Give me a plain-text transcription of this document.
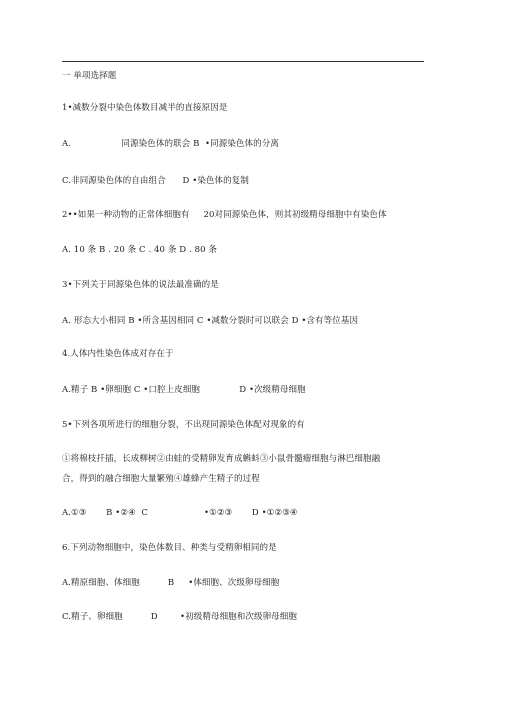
一 单项选择题
1•减数分裂中染色体数目减半的直接原因是
A.                  同源染色体的联会 B  •同源染色体的分离
C.非同源染色体的自由组合      D •染色体的复制
2••如果一种动物的正常体细胞有     20对同源染色体，则其初级精母细胞中有染色体
A. 10 条 B . 20 条 C . 40 条 D . 80 条
3•下列关于同源染色体的说法最准确的是
A. 形态大小相同 B •所含基因相同 C •减数分裂时可以联会 D •含有等位基因
4.人体内性染色体成对存在于
A.精子 B •卵细胞 C •口腔上皮细胞              D •次级精母细胞
5•下列各项所进行的细胞分裂，不出现同源染色体配对现象的有
①将棉枝扦插，长成柳树②由蛙的受精卵发育成蝌蚪③小鼠骨髓瘤细胞与淋巴细胞融
合，得到的融合细胞大量繁殖④雄蜂产生精子的过程
A.①③       B •②④  C                    •①②③       D •①②③④
6.下列动物细胞中，染色体数目、种类与受精卵相同的是
A.精原细胞、体细胞          B     •体细胞、次级卵母细胞
C.精子、卵细胞          D        •初级精母细胞和次级卵母细胞
